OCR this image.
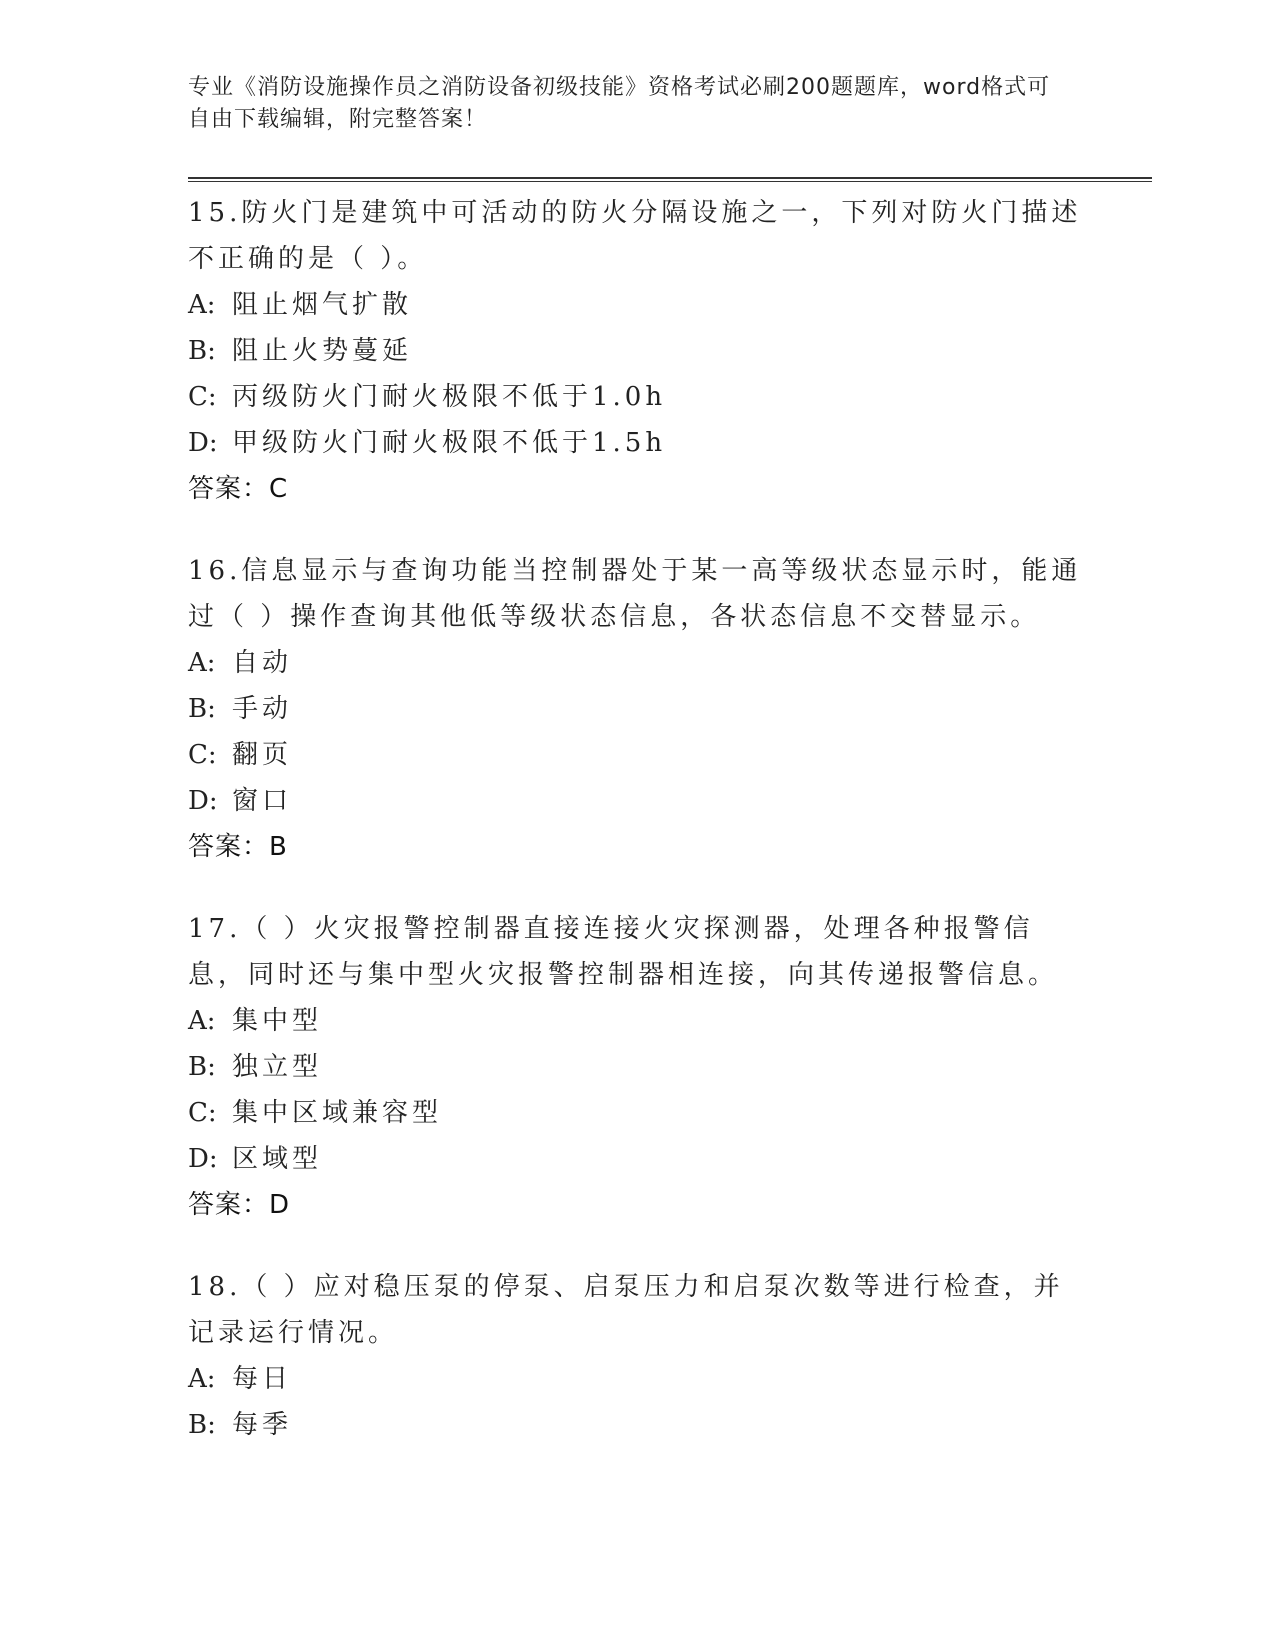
专业《消防设施操作员之消防设备初级技能》资格考试必刷200题题库，word格式可自由下载编辑，附完整答案！
15.防火门是建筑中可活动的防火分隔设施之一，下列对防火门描述不正确的是（ ）。
A: 阻止烟气扩散
B: 阻止火势蔓延
C: 丙级防火门耐火极限不低于1.0h
D: 甲级防火门耐火极限不低于1.5h
答案：C
16.信息显示与查询功能当控制器处于某一高等级状态显示时，能通过（ ）操作查询其他低等级状态信息，各状态信息不交替显示。
A: 自动
B: 手动
C: 翻页
D: 窗口
答案：B
17.（ ）火灾报警控制器直接连接火灾探测器，处理各种报警信息，同时还与集中型火灾报警控制器相连接，向其传递报警信息。
A: 集中型
B: 独立型
C: 集中区域兼容型
D: 区域型
答案：D
18.（ ）应对稳压泵的停泵、启泵压力和启泵次数等进行检查，并记录运行情况。
A: 每日
B: 每季
